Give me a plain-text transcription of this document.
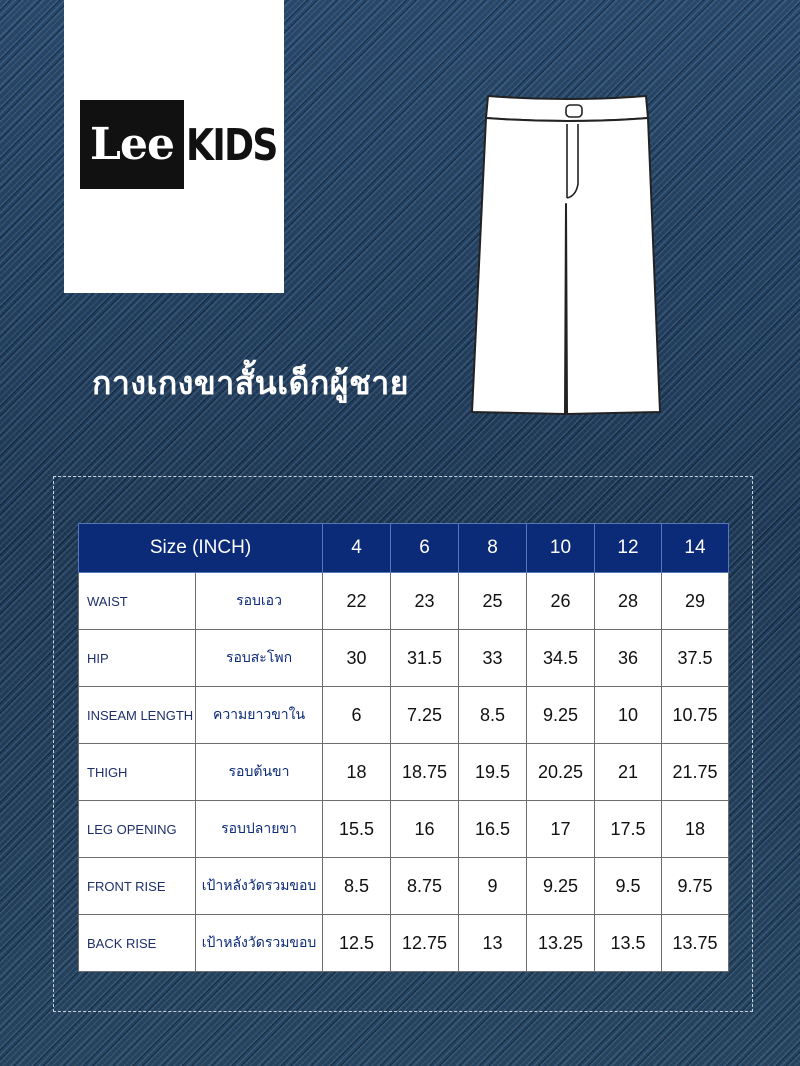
Lee
®
KIDS
กางเกงขาสั้นเด็กผู้ชาย
Size (INCH)		4	6	8	10	12	14
WAIST	รอบเอว	22	23	25	26	28	29
HIP	รอบสะโพก	30	31.5	33	34.5	36	37.5
INSEAM LENGTH	ความยาวขาใน	6	7.25	8.5	9.25	10	10.75
THIGH	รอบต้นขา	18	18.75	19.5	20.25	21	21.75
LEG OPENING	รอบปลายขา	15.5	16	16.5	17	17.5	18
FRONT RISE	เป้าหลังวัดรวมขอบ	8.5	8.75	9	9.25	9.5	9.75
BACK RISE	เป้าหลังวัดรวมขอบ	12.5	12.75	13	13.25	13.5	13.75
